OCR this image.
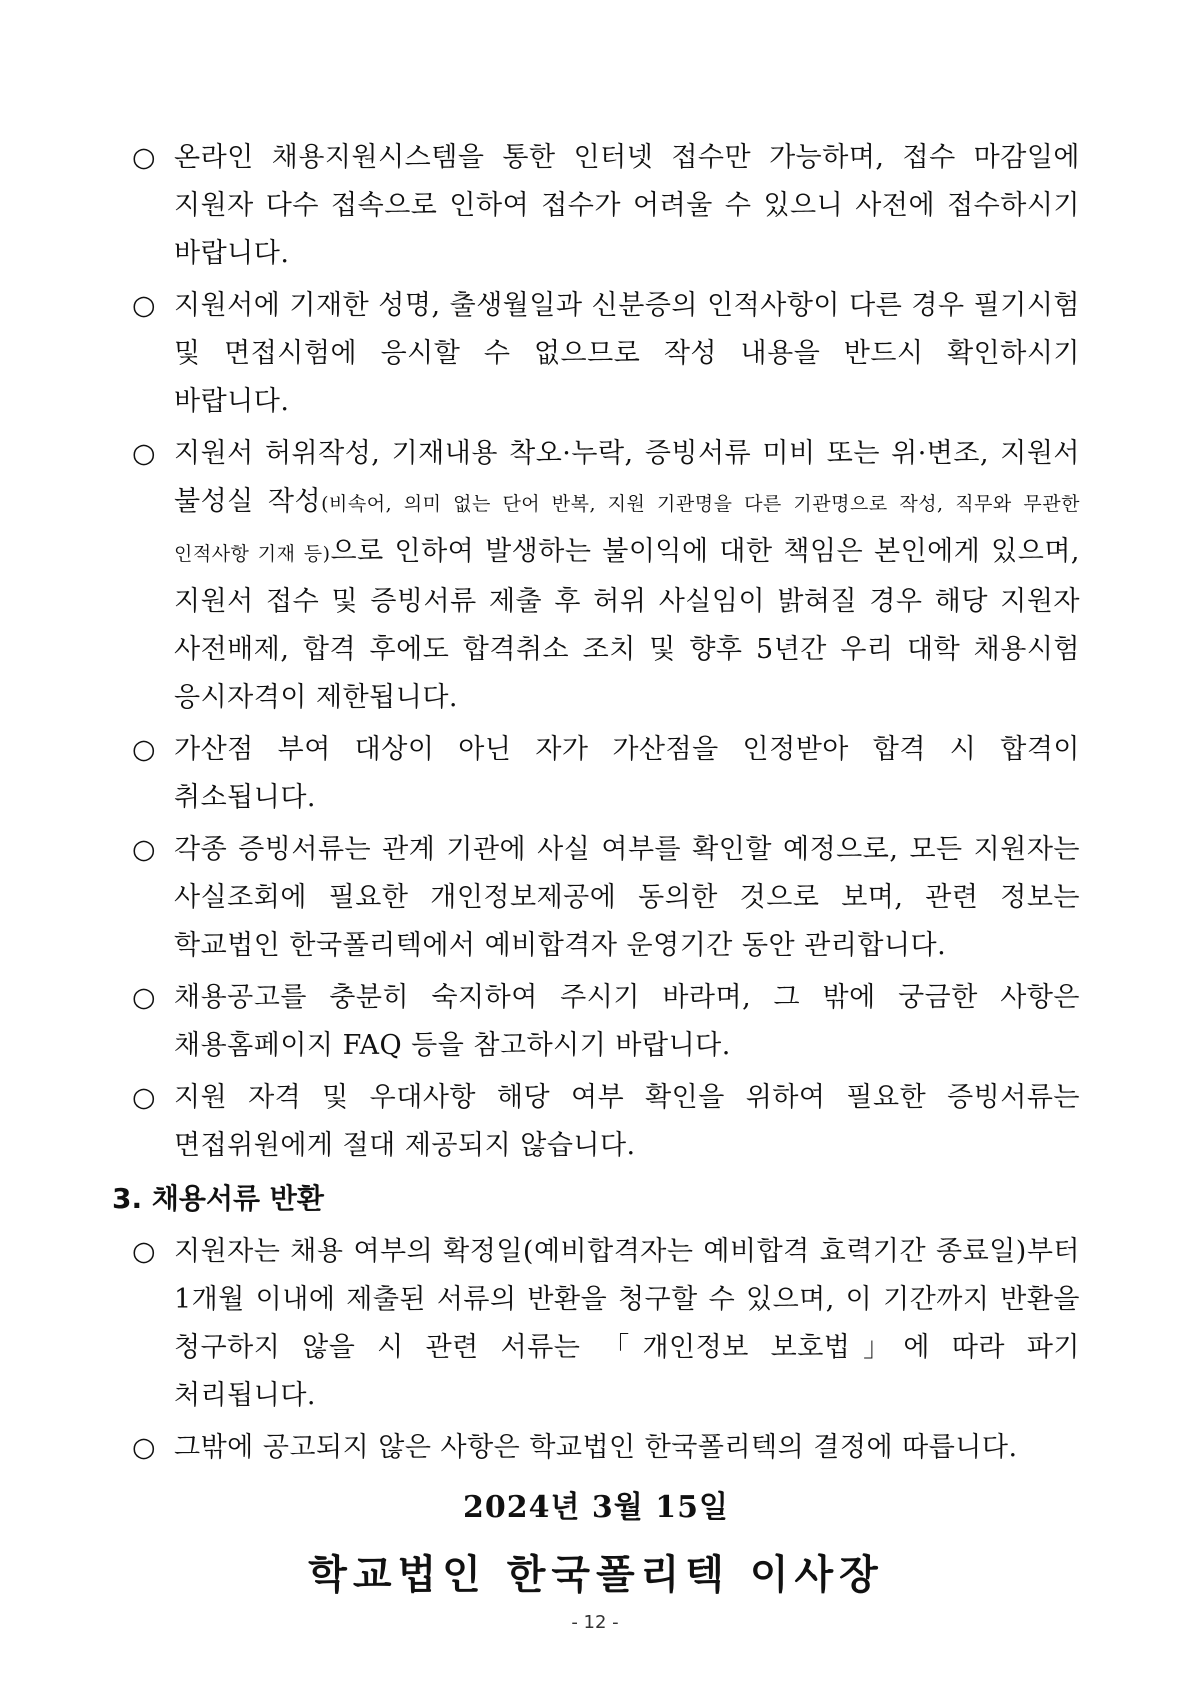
○ 온라인 채용지원시스템을 통한 인터넷 접수만 가능하며, 접수 마감일에 지원자 다수 접속으로 인하여 접수가 어려울 수 있으니 사전에 접수하시기 바랍니다.
○ 지원서에 기재한 성명, 출생월일과 신분증의 인적사항이 다른 경우 필기시험 및 면접시험에 응시할 수 없으므로 작성 내용을 반드시 확인하시기 바랍니다.
○ 지원서 허위작성, 기재내용 착오·누락, 증빙서류 미비 또는 위·변조, 지원서 불성실 작성(비속어, 의미 없는 단어 반복, 지원 기관명을 다른 기관명으로 작성, 직무와 무관한 인적사항 기재 등)으로 인하여 발생하는 불이익에 대한 책임은 본인에게 있으며, 지원서 접수 및 증빙서류 제출 후 허위 사실임이 밝혀질 경우 해당 지원자 사전배제, 합격 후에도 합격취소 조치 및 향후 5년간 우리 대학 채용시험 응시자격이 제한됩니다.
○ 가산점 부여 대상이 아닌 자가 가산점을 인정받아 합격 시 합격이 취소됩니다.
○ 각종 증빙서류는 관계 기관에 사실 여부를 확인할 예정으로, 모든 지원자는 사실조회에 필요한 개인정보제공에 동의한 것으로 보며, 관련 정보는 학교법인 한국폴리텍에서 예비합격자 운영기간 동안 관리합니다.
○ 채용공고를 충분히 숙지하여 주시기 바라며, 그 밖에 궁금한 사항은 채용홈페이지 FAQ 등을 참고하시기 바랍니다.
○ 지원 자격 및 우대사항 해당 여부 확인을 위하여 필요한 증빙서류는 면접위원에게 절대 제공되지 않습니다.
3. 채용서류 반환
○ 지원자는 채용 여부의 확정일(예비합격자는 예비합격 효력기간 종료일)부터 1개월 이내에 제출된 서류의 반환을 청구할 수 있으며, 이 기간까지 반환을 청구하지 않을 시 관련 서류는 「개인정보 보호법」에 따라 파기 처리됩니다.
○ 그밖에 공고되지 않은 사항은 학교법인 한국폴리텍의 결정에 따릅니다.
2024년 3월 15일
학교법인 한국폴리텍 이사장
- 12 -
